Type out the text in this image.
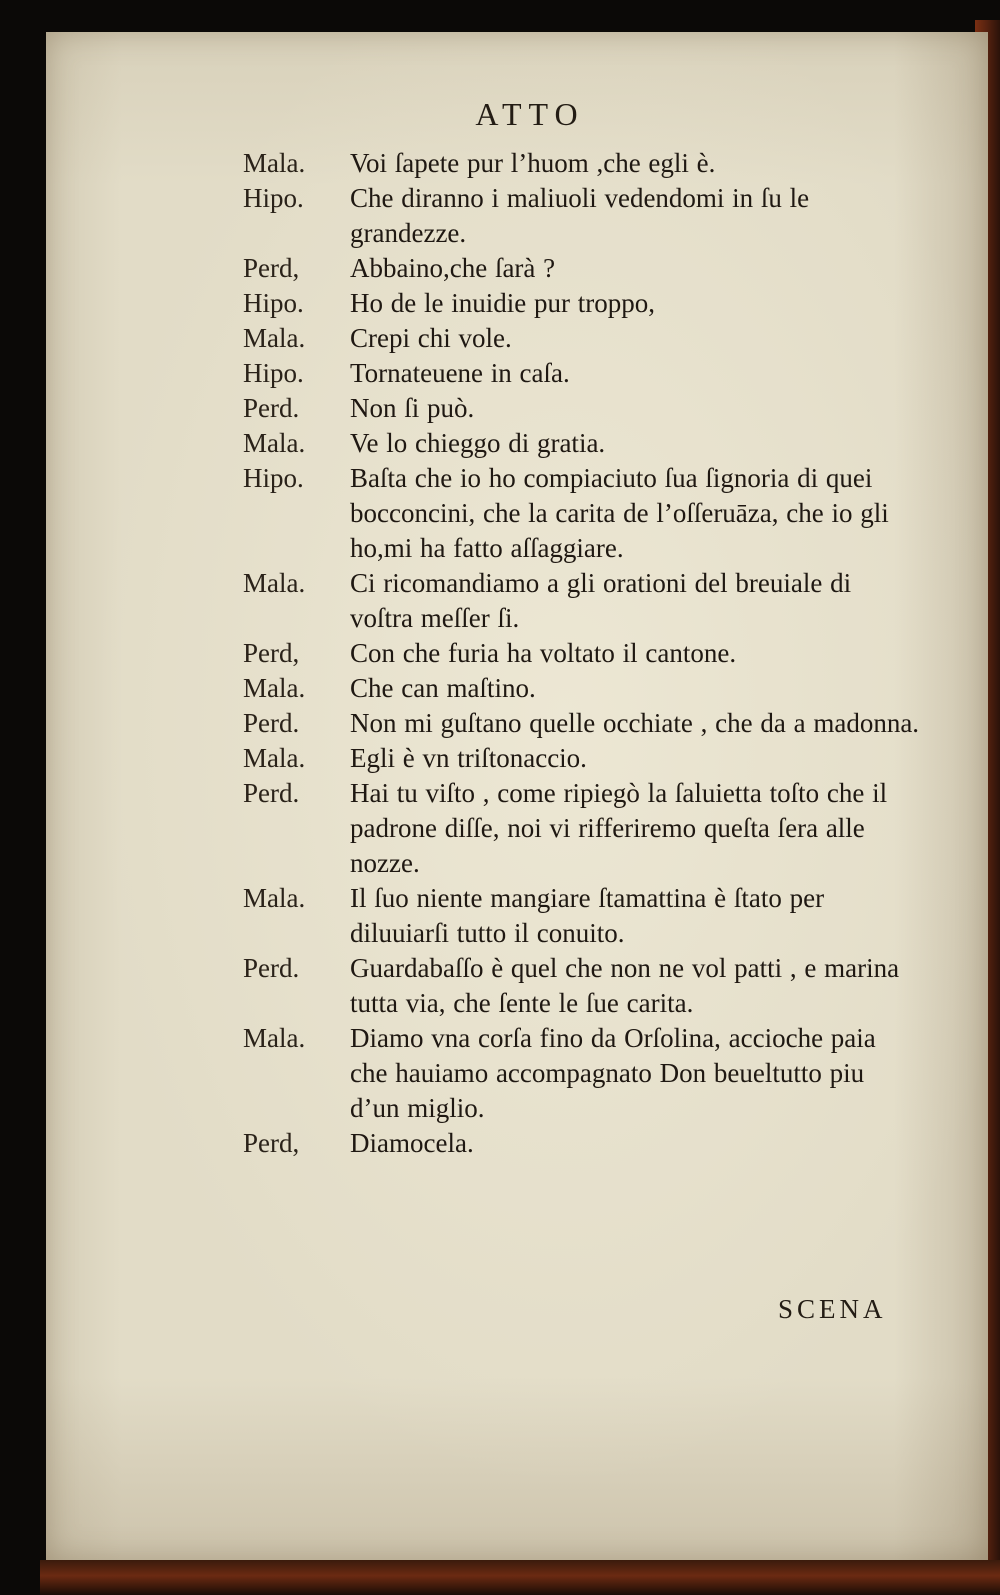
ATTO
Mala.	Voi ſapete pur l’huom ,che egli è.
Hipo.	Che diranno i maliuoli vedendomi in ſu le grandezze.
Perd,	Abbaino,che ſarà ?
Hipo.	Ho de le inuidie pur troppo,
Mala.	Crepi chi vole.
Hipo.	Tornateuene in caſa.
Perd.	Non ſi può.
Mala.	Ve lo chieggo di gratia.
Hipo.	Baſta che io ho compiaciuto ſua ſignoria di quei bocconcini, che la carita de l’oſſeruāza, che io gli ho,mi ha fatto aſſaggiare.
Mala.	Ci ricomandiamo a gli orationi del breuiale di voſtra meſſer ſi.
Perd,	Con che furia ha voltato il cantone.
Mala.	Che can maſtino.
Perd.	Non mi guſtano quelle occhiate , che da a madonna.
Mala.	Egli è vn triſtonaccio.
Perd.	Hai tu viſto , come ripiegò la ſaluietta toſto che il padrone diſſe, noi vi rifferiremo queſta ſera alle nozze.
Mala.	Il ſuo niente mangiare ſtamattina è ſtato per diluuiarſi tutto il conuito.
Perd.	Guardabaſſo è quel che non ne vol patti , e marina tutta via, che ſente le ſue carita.
Mala.	Diamo vna corſa fino da Orſolina, accioche paia che hauiamo accompagnato Don beueltutto piu d’un miglio.
Perd,	Diamocela.
SCENA
